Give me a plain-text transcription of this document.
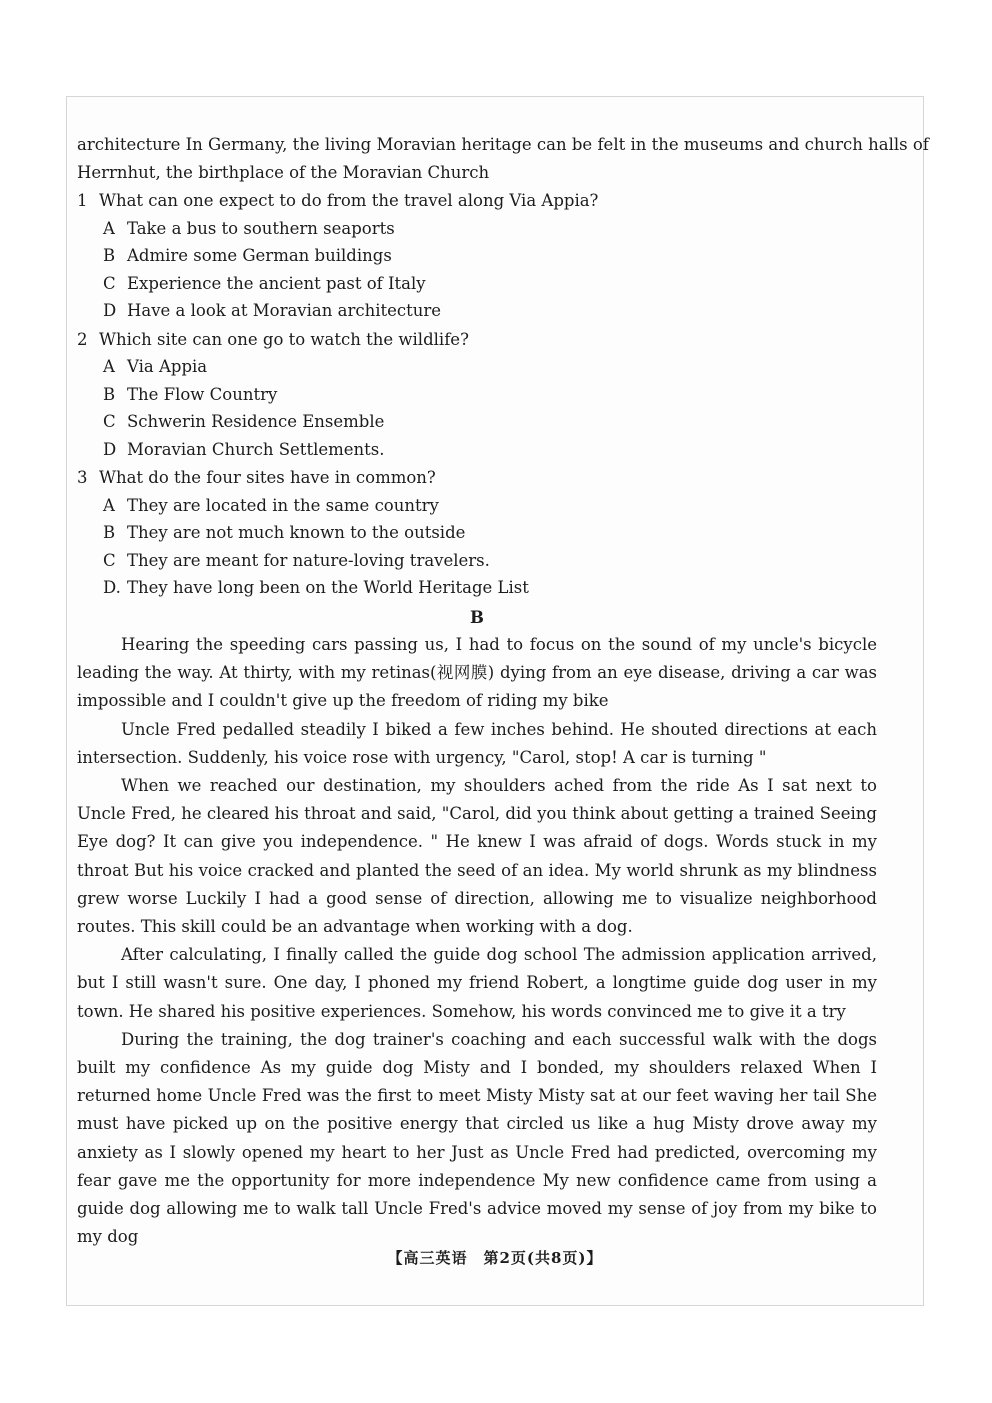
architecture In Germany, the living Moravian heritage can be felt in the museums and church halls of
Herrnhut, the birthplace of the Moravian Church
1 What can one expect to do from the travel along Via Appia?
A Take a bus to southern seaports
B Admire some German buildings
C Experience the ancient past of Italy
D Have a look at Moravian architecture
2 Which site can one go to watch the wildlife?
A Via Appia
B The Flow Country
C Schwerin Residence Ensemble
D Moravian Church Settlements.
3 What do the four sites have in common?
A They are located in the same country
B They are not much known to the outside
C They are meant for nature-loving travelers.
D. They have long been on the World Heritage List
B

Hearing the speeding cars passing us, I had to focus on the sound of my uncle's bicycle leading the way. At thirty, with my retinas(视网膜) dying from an eye disease, driving a car was impossible and I couldn't give up the freedom of riding my bike

Uncle Fred pedalled steadily I biked a few inches behind. He shouted directions at each intersection. Suddenly, his voice rose with urgency, "Carol, stop! A car is turning "

When we reached our destination, my shoulders ached from the ride As I sat next to Uncle Fred, he cleared his throat and said, "Carol, did you think about getting a trained Seeing Eye dog? It can give you independence. " He knew I was afraid of dogs. Words stuck in my throat But his voice cracked and planted the seed of an idea. My world shrunk as my blindness grew worse Luckily I had a good sense of direction, allowing me to visualize neighborhood routes. This skill could be an advantage when working with a dog.

After calculating, I finally called the guide dog school The admission application arrived, but I still wasn't sure. One day, I phoned my friend Robert, a longtime guide dog user in my town. He shared his positive experiences. Somehow, his words convinced me to give it a try

During the training, the dog trainer's coaching and each successful walk with the dogs built my confidence As my guide dog Misty and I bonded, my shoulders relaxed When I returned home Uncle Fred was the first to meet Misty Misty sat at our feet waving her tail She must have picked up on the positive energy that circled us like a hug Misty drove away my anxiety as I slowly opened my heart to her Just as Uncle Fred had predicted, overcoming my fear gave me the opportunity for more independence My new confidence came from using a guide dog allowing me to walk tall Uncle Fred's advice moved my sense of joy from my bike to my dog

【高三英语　第2页(共8页)】
